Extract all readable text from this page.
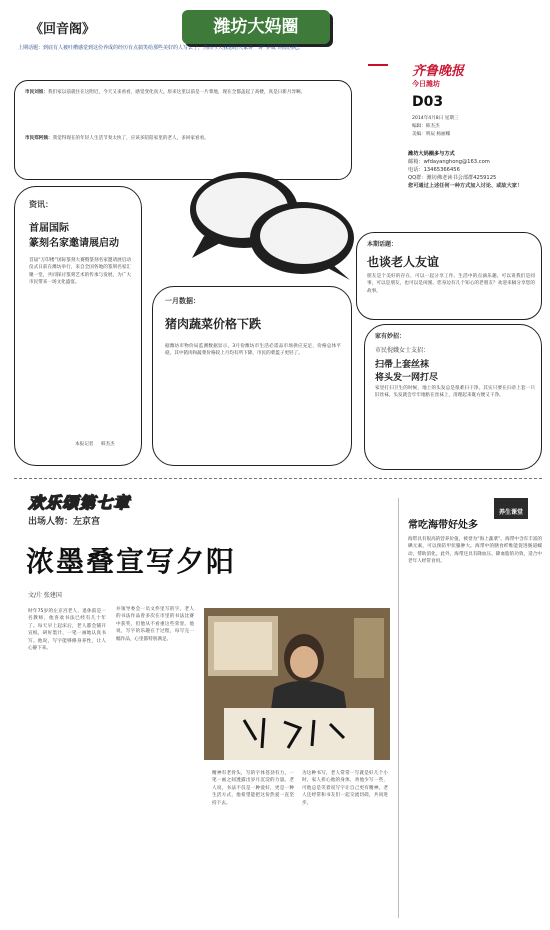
《回音阁》	潍坊大妈圈
上期话题：到底有人被吐槽感觉到这份养成的经历有点搞笑给那些美好的人写去了，然而今天我想给大家讲一讲“养成”的原因吧。
市民刘姐：我们家以前就住在这附近，今天又来看看，感觉变化真大。原来这里以前是一片菜地，现在全都盖起了高楼，真是日新月异啊。
市民郑阿姨：我觉得现在的年轻人生活节奏太快了，应该多陪陪家里的老人，多回家看看。
齐鲁晚报
今日潍坊
D03
2014年4月8日 星期三
编辑：韩杰杰
美编：明辰 杨丽娜
潍坊大妈圈多与方式
邮箱：wfdayanghong@163.com
电话：13465366456
QQ群：潍坊佛老读书会部群4259125
您可通过上述任何一种方式加入讨论、或故大家！
资讯：
首届国际
篆刻名家邀请展启动
首届“万印楼”国际篆刻大赛暨篆刻名家邀请展启动仪式日前在潍坊举行，来自全国各地的篆刻名家汇聚一堂，共同探讨篆刻艺术的传承与发展，为广大市民带来一场文化盛宴。
本报记者 韩杰杰
一月数据：
猪肉蔬菜价格下跌
据潍坊市物价局监测数据显示，3月份潍坊市生活必需品市场供应充足，价格总体平稳，其中猪肉和蔬菜价格较上月均有所下降，市民的菜篮子更轻了。
本期话题：
也谈老人友谊
朋友是个美好的存在，可以一起分享工作、生活中的点滴乐趣。可以说我们是同事，可以是朋友，也可以是闺蜜。您身边有几个知心的老朋友？欢迎来稿分享您的故事。
家有妙招：
市民倪娥女士支招：
扫帚上套丝袜
将头发一网打尽
家里打扫卫生的时候，地上的头发总是很难扫干净。其实只要在扫帚上套一只旧丝袜，头发就会牢牢地粘在丝袜上，清理起来既方便又干净。
欢乐颂第七章
出场人物：左京宫
浓墨叠宣写夕阳
文/片 张建国
时年75岁的左京宫老人，退休前是一名教师，他喜欢书法已经有几十年了。每天早上起床后，老人都会铺开宣纸，研好墨汁，一笔一画地认真书写。他说，写字能够修身养性，让人心静下来。
并领导委会一员文件里写的字。老人的书法作品曾多次在市里的书法比赛中获奖，但他从不看重这些荣誉。他说，写字的乐趣在于过程，每写完一幅作品，心里都特别满足。
精神有老骨头，写的字体苍劲有力，一笔一画之间透露出岁月沉淀的力量。老人说，书法不仅是一种爱好，更是一种生活方式，他希望能把这份热爱一直坚持下去。
为这种书写，老人常常一写就是好几个小时，家人担心他的身体，劝他少写一些，可他总是笑着说写字让自己更有精神。老人还经常和书友们一起交流切磋，共同进步。
养生课堂
常吃海带好处多
海带具有很高的营养价值，被誉为“海上蔬菜”。海带中含有丰富的碘元素，可以预防甲状腺肿大。海带中的膳食纤维能促进肠道蠕动，帮助消化。此外，海带还具有降血压、降血脂的功效，适合中老年人经常食用。
